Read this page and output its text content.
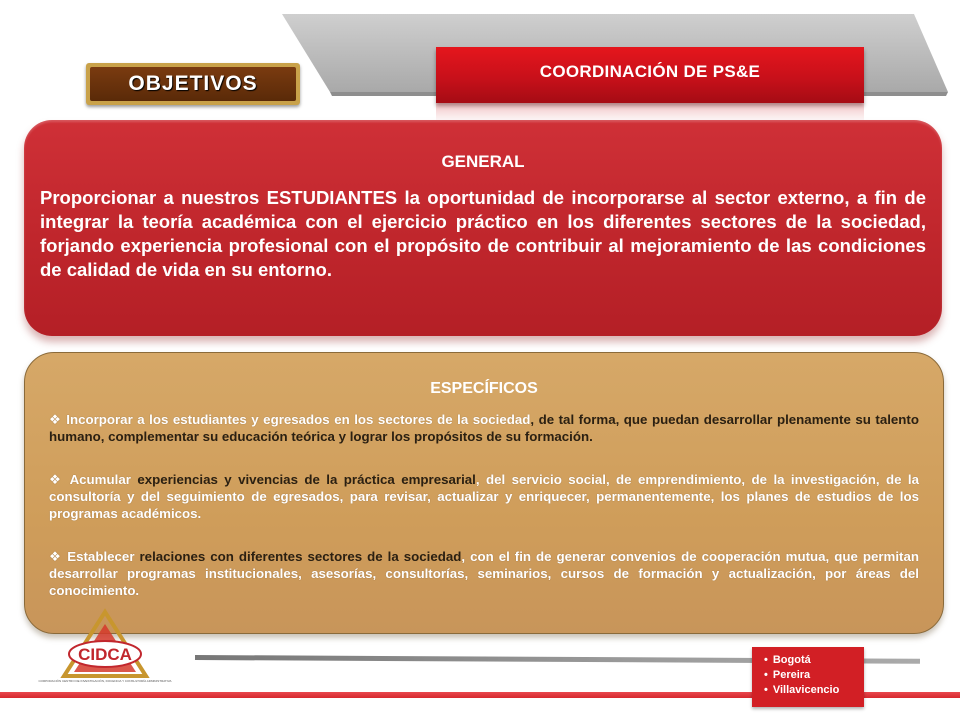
COORDINACIÓN DE PS&E
OBJETIVOS
GENERAL

Proporcionar a nuestros ESTUDIANTES la oportunidad de incorporarse al sector externo, a fin de integrar la teoría académica con el ejercicio práctico en los diferentes sectores de la sociedad, forjando experiencia profesional con el propósito de contribuir al mejoramiento de las condiciones de calidad de vida en su entorno.

ESPECÍFICOS

❖ Incorporar a los estudiantes y egresados en los sectores de la sociedad, de tal forma, que puedan desarrollar plenamente su talento humano, complementar su educación teórica y lograr los propósitos de su formación.

❖ Acumular experiencias y vivencias de la práctica empresarial, del servicio social, de emprendimiento, de la investigación, de la consultoría y del seguimiento de egresados, para revisar, actualizar y enriquecer, permanentemente, los planes de estudios de los programas académicos.

❖ Establecer relaciones con diferentes sectores de la sociedad, con el fin de generar convenios de cooperación mutua, que permitan desarrollar programas institucionales, asesorías, consultorías, seminarios, cursos de formación y actualización, por áreas del conocimiento.

CIDCA
CORPORACIÓN CENTRO DE INVESTIGACIÓN, DOCENCIA Y CONSULTORÍA ADMINISTRATIVA
• Bogotá
• Pereira
• Villavicencio
